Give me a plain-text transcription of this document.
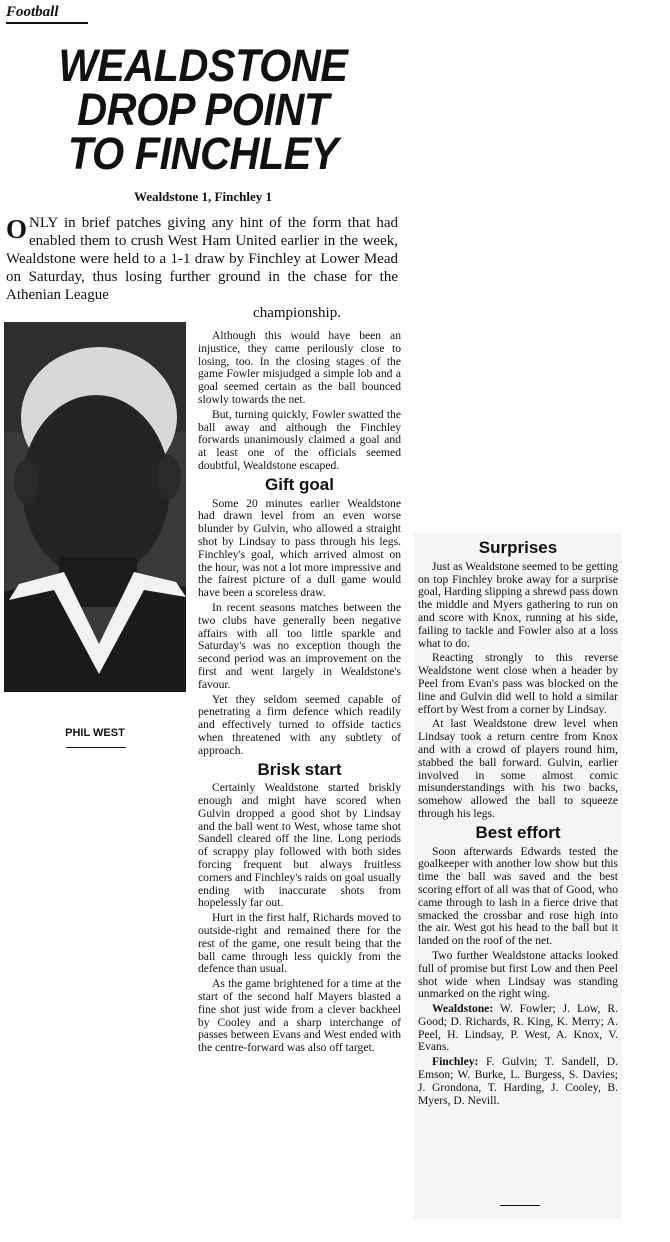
Football
WEALDSTONE
DROP POINT
TO FINCHLEY
Wealdstone 1, Finchley 1
ONLY in brief patches giving any hint of the form that had enabled them to crush West Ham United earlier in the week, Wealdstone were held to a 1-1 draw by Finchley at Lower Mead on Saturday, thus losing further ground in the chase for the Athenian League
championship.
PHIL WEST

Although this would have been an injustice, they came perilously close to losing, too. In the closing stages of the game Fowler misjudged a simple lob and a goal seemed certain as the ball bounced slowly towards the net.

But, turning quickly, Fowler swatted the ball away and although the Finchley forwards unanimously claimed a goal and at least one of the officials seemed doubtful, Wealdstone escaped.

Gift goal

Some 20 minutes earlier Wealdstone had drawn level from an even worse blunder by Gulvin, who allowed a straight shot by Lindsay to pass through his legs. Finchley's goal, which arrived almost on the hour, was not a lot more impressive and the fairest picture of a dull game would have been a scoreless draw.

In recent seasons matches between the two clubs have generally been negative affairs with all too little sparkle and Saturday's was no exception though the second period was an improvement on the first and went largely in Wealdstone's favour.

Yet they seldom seemed capable of penetrating a firm defence which readily and effectively turned to offside tactics when threatened with any subtlety of approach.

Brisk start

Certainly Wealdstone started briskly enough and might have scored when Gulvin dropped a good shot by Lindsay and the ball went to West, whose tame shot Sandell cleared off the line. Long periods of scrappy play followed with both sides forcing frequent but always fruitless corners and Finchley's raids on goal usually ending with inaccurate shots from hopelessly far out.

Hurt in the first half, Richards moved to outside-right and remained there for the rest of the game, one result being that the ball came through less quickly from the defence than usual.

As the game brightened for a time at the start of the second half Mayers blasted a fine shot just wide from a clever backheel by Cooley and a sharp interchange of passes between Evans and West ended with the centre-forward was also off target.

Surprises

Just as Wealdstone seemed to be getting on top Finchley broke away for a surprise goal, Harding slipping a shrewd pass down the middle and Myers gathering to run on and score with Knox, running at his side, failing to tackle and Fowler also at a loss what to do.

Reacting strongly to this reverse Wealdstone went close when a header by Peel from Evan's pass was blocked on the line and Gulvin did well to hold a similar effort by West from a corner by Lindsay.

At last Wealdstone drew level when Lindsay took a return centre from Knox and with a crowd of players round him, stabbed the ball forward. Gulvin, earlier involved in some almost comic misunderstandings with his two backs, somehow allowed the ball to squeeze through his legs.

Best effort

Soon afterwards Edwards tested the goalkeeper with another low show but this time the ball was saved and the best scoring effort of all was that of Good, who came through to lash in a fierce drive that smacked the crossbar and rose high into the air. West got his head to the ball but it landed on the roof of the net.

Two further Wealdstone attacks looked full of promise but first Low and then Peel shot wide when Lindsay was standing unmarked on the right wing.

Wealdstone: W. Fowler; J. Low, R. Good; D. Richards, R. King, K. Merry; A. Peel, H. Lindsay, P. West, A. Knox, V. Evans.

Finchley: F. Gulvin; T. Sandell, D. Emson; W. Burke, L. Burgess, S. Davies; J. Grondona, T. Harding, J. Cooley, B. Myers, D. Nevill.
